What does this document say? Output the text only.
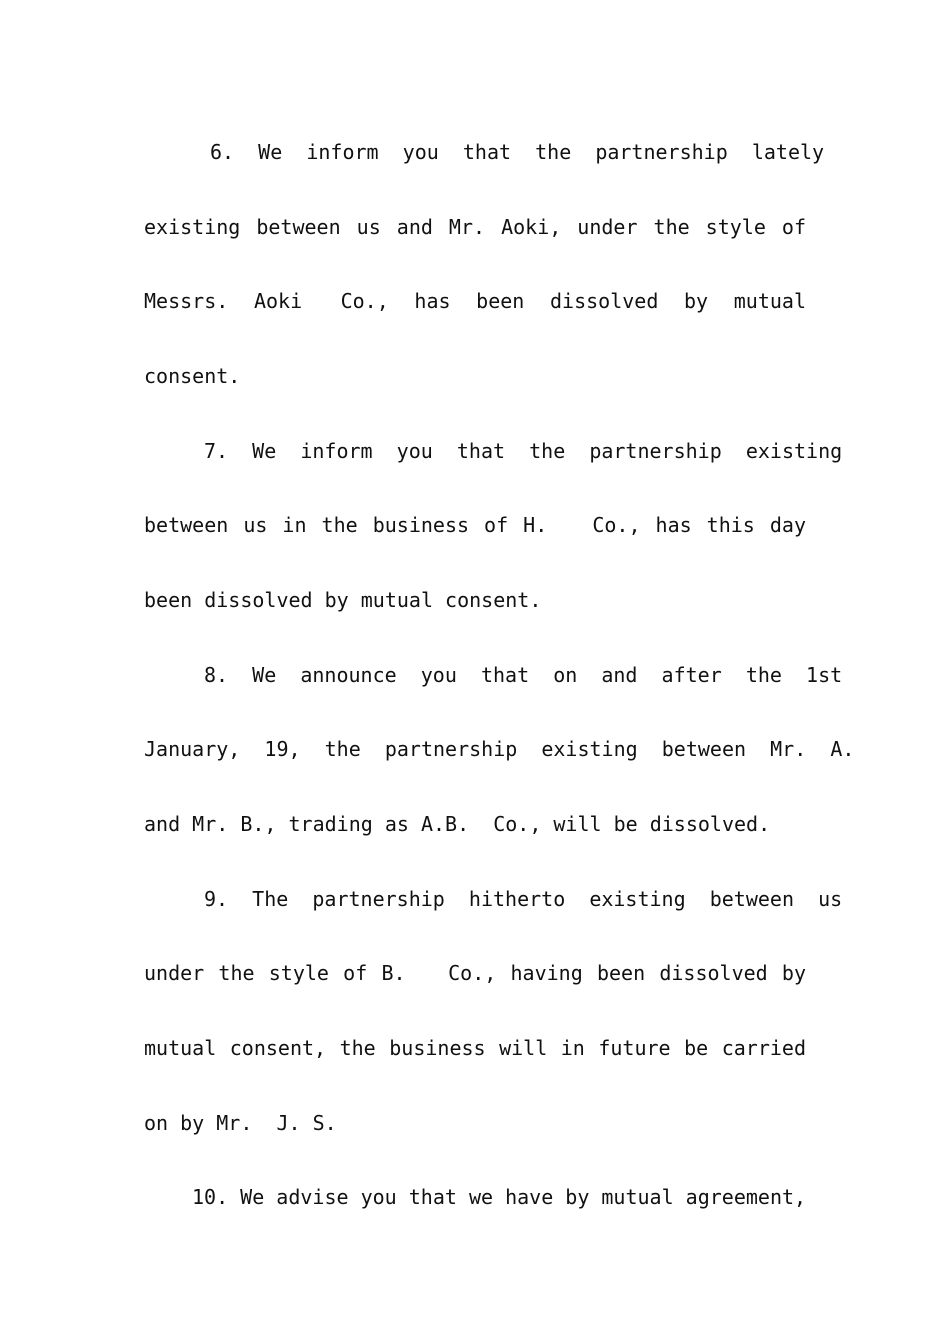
6.  We  inform  you  that  the  partnership  lately
existing between us and Mr. Aoki, under the style of
Messrs.  Aoki   Co.,  has  been  dissolved  by  mutual
consent.
7.  We  inform  you  that  the  partnership  existing
between us in the business of H.   Co., has this day
been dissolved by mutual consent.
8.  We  announce  you  that  on  and  after  the  1st
January,  19,  the  partnership  existing  between  Mr.  A.
and Mr. B., trading as A.B.  Co., will be dissolved.
9.  The  partnership  hitherto  existing  between  us
under the style of B.   Co., having been dissolved by
mutual consent, the business will in future be carried
on by Mr.  J. S.
10. We advise you that we have by mutual agreement,
